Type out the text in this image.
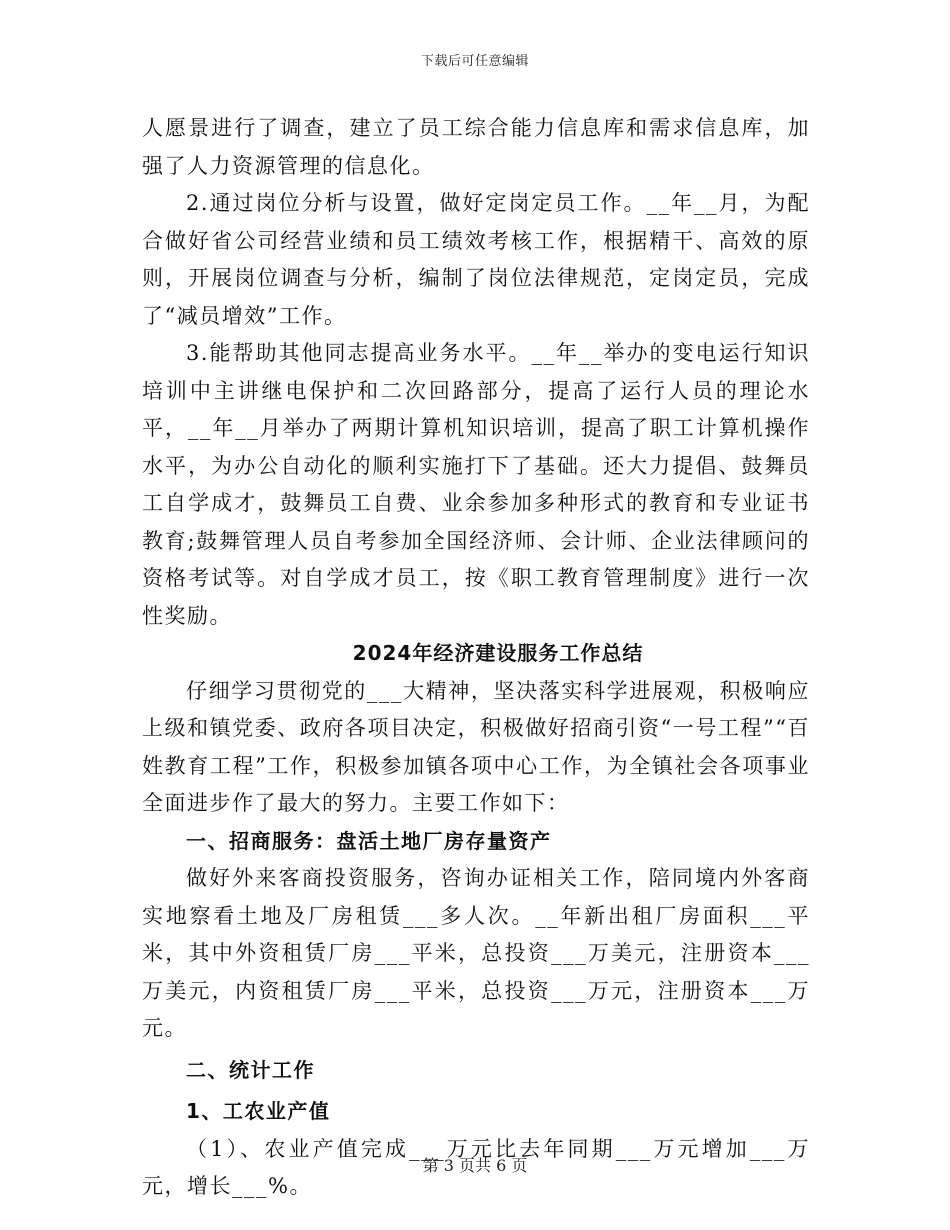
下载后可任意编辑

人愿景进行了调查，建立了员工综合能力信息库和需求信息库，加强了人力资源管理的信息化。

2.通过岗位分析与设置，做好定岗定员工作。__年__月，为配合做好省公司经营业绩和员工绩效考核工作，根据精干、高效的原则，开展岗位调查与分析，编制了岗位法律规范，定岗定员，完成了“减员增效”工作。

3.能帮助其他同志提高业务水平。__年__举办的变电运行知识培训中主讲继电保护和二次回路部分，提高了运行人员的理论水平，__年__月举办了两期计算机知识培训，提高了职工计算机操作水平，为办公自动化的顺利实施打下了基础。还大力提倡、鼓舞员工自学成才，鼓舞员工自费、业余参加多种形式的教育和专业证书教育;鼓舞管理人员自考参加全国经济师、会计师、企业法律顾问的资格考试等。对自学成才员工，按《职工教育管理制度》进行一次性奖励。

2024年经济建设服务工作总结

仔细学习贯彻党的___大精神，坚决落实科学进展观，积极响应上级和镇党委、政府各项目决定，积极做好招商引资“一号工程”“百姓教育工程”工作，积极参加镇各项中心工作，为全镇社会各项事业全面进步作了最大的努力。主要工作如下：

一、招商服务：盘活土地厂房存量资产

做好外来客商投资服务，咨询办证相关工作，陪同境内外客商实地察看土地及厂房租赁___多人次。__年新出租厂房面积___平米，其中外资租赁厂房___平米，总投资___万美元，注册资本___万美元，内资租赁厂房___平米，总投资___万元，注册资本___万元。

二、统计工作

1、工农业产值

（1）、农业产值完成___万元比去年同期___万元增加___万元，增长___%。

第 3 页共 6 页
